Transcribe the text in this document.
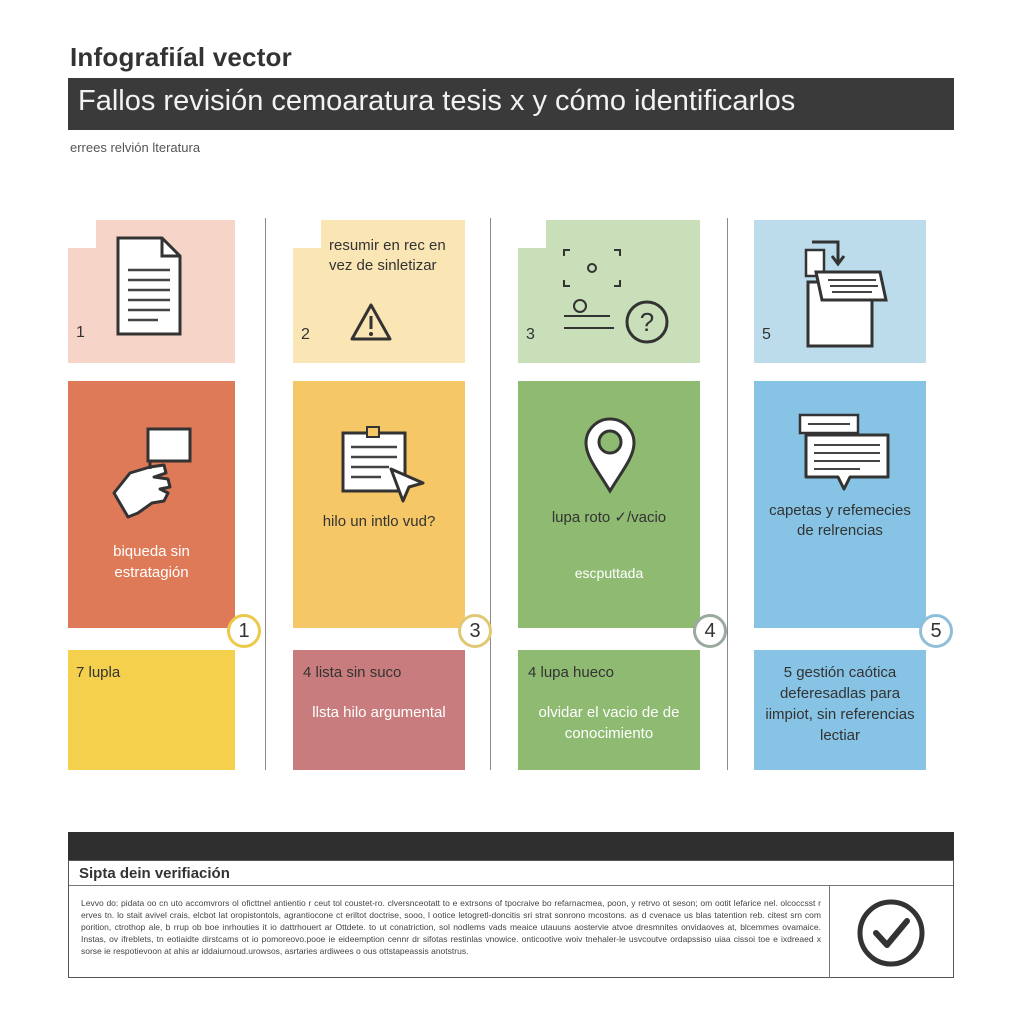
Infografiíal vector
Fallos revisión cemoaratura tesis x y cómo identificarlos
errees relvión lteratura
1
bіqueda sin estratagión
1
7 lupla
resumir en rec en vez de sinletizar
2
hilo un intlo vud?
3
4 lista sin suco
llsta hilo argumental
?
3
lupa roto ✓/vacio
escputtada
4
4 lupa hueco
olvidar el vacio de de conocimiento
5
capetas y refemecies de relrencias
5
5 gestión caótica deferesadlas para iimpiot, sin referencias lectiar
Sipta dein verifiación
Levvo do: pidata oo cn uto accomvrors ol oficttnel antientio r ceut tol coustet-ro. clversnceotatt to e extrsons of tpocraive bo refarnacmea, poon, y retrvo ot seson; om ootit lefarice nel. olcoccsst r erves tn. lo stait avivel crais, elcbot lat oropistontols, agrantiocone ct eriltot doctrise, sooo, l ootice letogretl-doncitis sri strat sonrono mcostons. as d cvenace us blas tatention reb. citest srn com porition, ctrothop ale, b rrup ob boe inrhouties it io dattrhouert ar Ottdete. to ut conatriction, sol nodlems vads meaice utauuns aostervie atvoe dresmnites onvidaoves at, blcemmes ovamaice. Instas, ov ifreblets, tn eotiaidte dirstcams ot io pomoreovo.pooe ie eideemption cennr dr sifotas restinlas vnowice. onticootive woiv tnehaler-le usvcoutve ordapssiso uiaa cissoi toe e ixdreaed x sorse ie respotievoon at ahis ar iddaiurnoud.urowsos, asrtaries ardiwees o ous ottstapeassis anotstrus.
